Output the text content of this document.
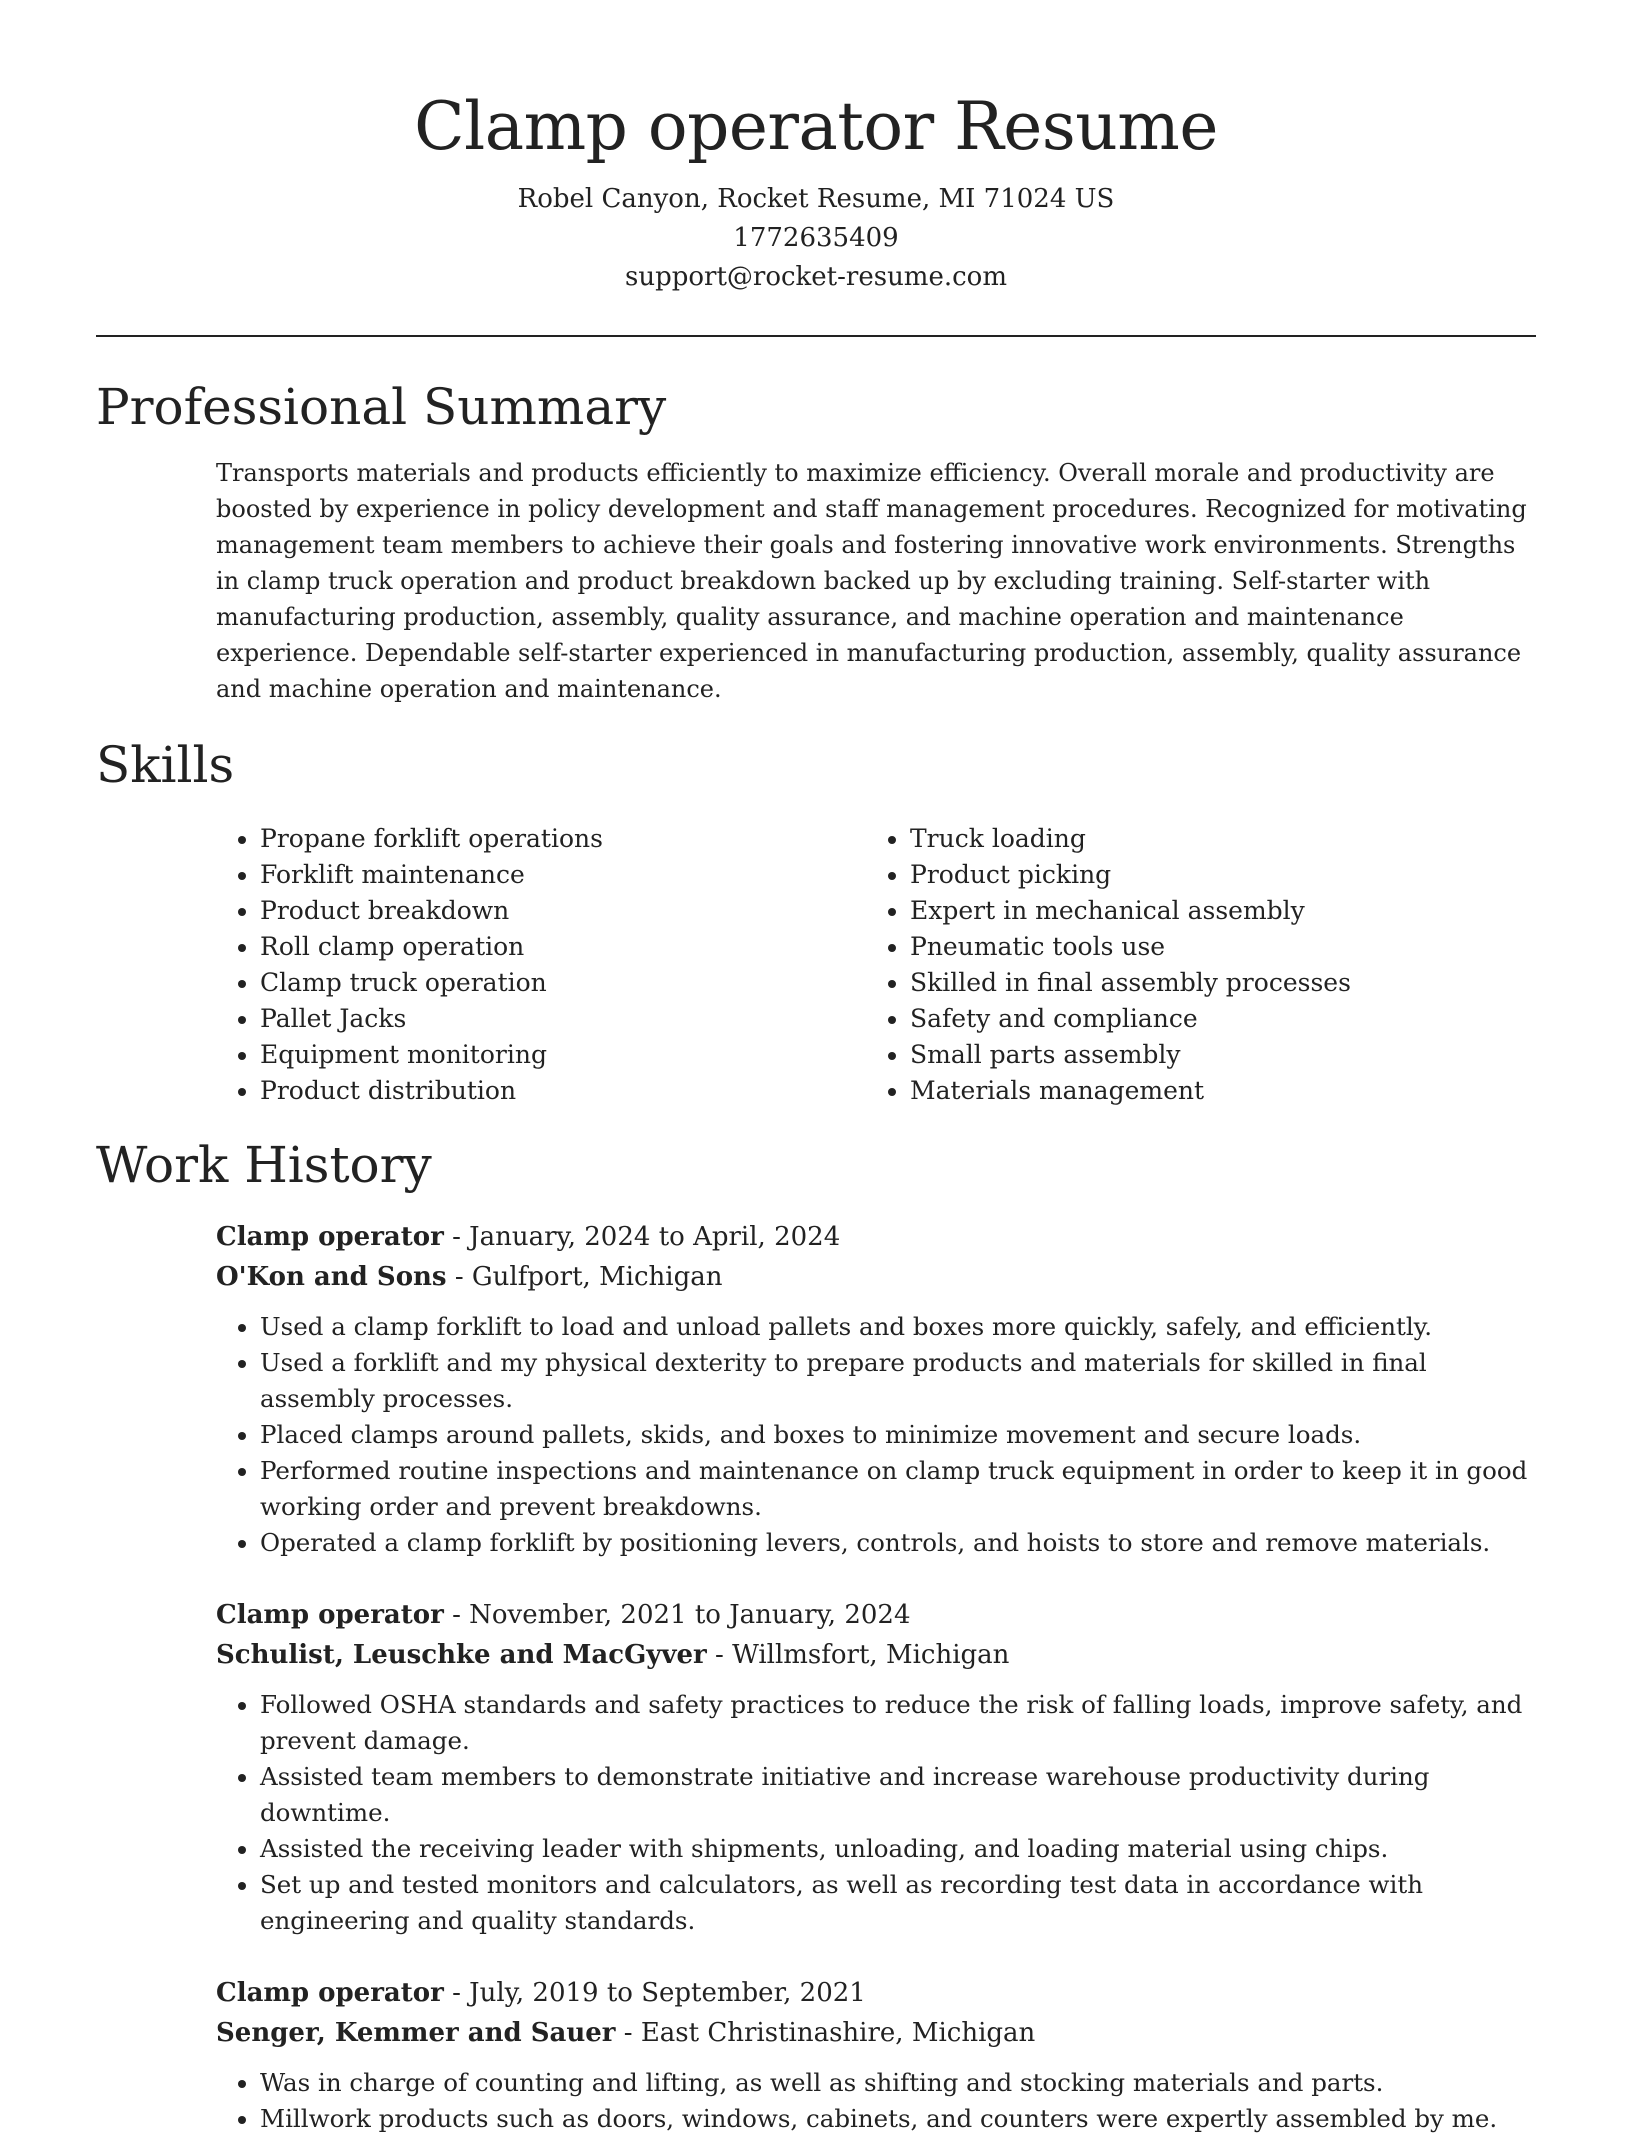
Clamp operator Resume
Robel Canyon, Rocket Resume, MI 71024 US
1772635409
support@rocket-resume.com
Professional Summary

Transports materials and products efficiently to maximize efficiency. Overall morale and productivity are boosted by experience in policy development and staff management procedures. Recognized for motivating management team members to achieve their goals and fostering innovative work environments. Strengths in clamp truck operation and product breakdown backed up by excluding training. Self-starter with manufacturing production, assembly, quality assurance, and machine operation and maintenance experience. Dependable self-starter experienced in manufacturing production, assembly, quality assurance and machine operation and maintenance.

Skills
• Propane forklift operations
• Forklift maintenance
• Product breakdown
• Roll clamp operation
• Clamp truck operation
• Pallet Jacks
• Equipment monitoring
• Product distribution
• Truck loading
• Product picking
• Expert in mechanical assembly
• Pneumatic tools use
• Skilled in final assembly processes
• Safety and compliance
• Small parts assembly
• Materials management
Work History
Clamp operator - January, 2024 to April, 2024
O'Kon and Sons - Gulfport, Michigan
• Used a clamp forklift to load and unload pallets and boxes more quickly, safely, and efficiently.
• Used a forklift and my physical dexterity to prepare products and materials for skilled in final assembly processes.
• Placed clamps around pallets, skids, and boxes to minimize movement and secure loads.
• Performed routine inspections and maintenance on clamp truck equipment in order to keep it in good working order and prevent breakdowns.
• Operated a clamp forklift by positioning levers, controls, and hoists to store and remove materials.
Clamp operator - November, 2021 to January, 2024
Schulist, Leuschke and MacGyver - Willmsfort, Michigan
• Followed OSHA standards and safety practices to reduce the risk of falling loads, improve safety, and prevent damage.
• Assisted team members to demonstrate initiative and increase warehouse productivity during downtime.
• Assisted the receiving leader with shipments, unloading, and loading material using chips.
• Set up and tested monitors and calculators, as well as recording test data in accordance with engineering and quality standards.
Clamp operator - July, 2019 to September, 2021
Senger, Kemmer and Sauer - East Christinashire, Michigan
• Was in charge of counting and lifting, as well as shifting and stocking materials and parts.
• Millwork products such as doors, windows, cabinets, and counters were expertly assembled by me.
